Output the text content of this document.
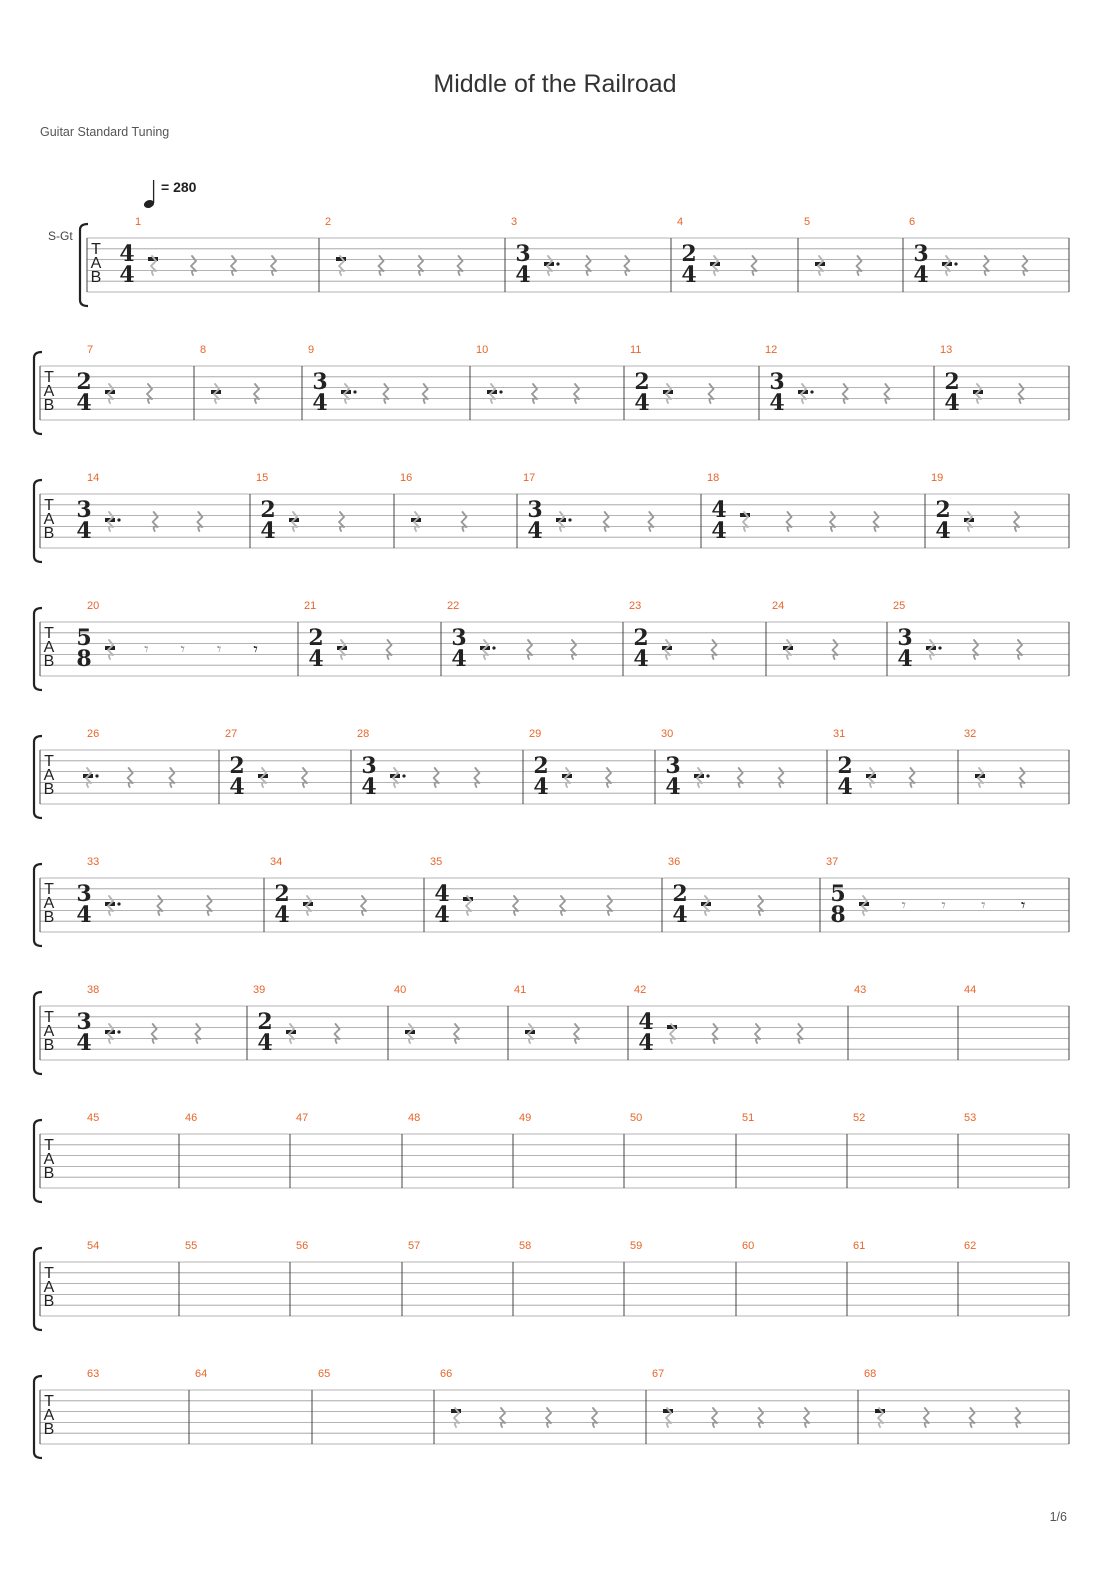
Middle of the Railroad
Guitar Standard Tuning
= 280
S-Gt
T
A
B
1
4
4
2	3
3
4
4
2
4
5	6
3
4
T
A
B
7
2
4
8	9
3
4
10	11
2
4
12
3
4
13
2
4
T
A
B
14
3
4
15
2
4
16	17
3
4
18
4
4
19
2
4
T
A
B
20
5
8	𝄾 𝄾 𝄾 𝄾
21
2
4
22
3
4
23
2
4
24	25
3
4
T
A
B
26	27
2
4
28
3
4
29
2
4
30
3
4
31
2
4
32
T
A
B
33
3
4
34
2
4
35
4
4
36
2
4
37
5
8	𝄾 𝄾 𝄾 𝄾
T
A
B
38
3
4
39
2
4
40	41	42
4
4
43	44
T
A
B
45	46	47	48	49	50	51	52	53
T
A
B
54	55	56	57	58	59	60	61	62
T
A
B
63	64	65	66	67	68
1/6
